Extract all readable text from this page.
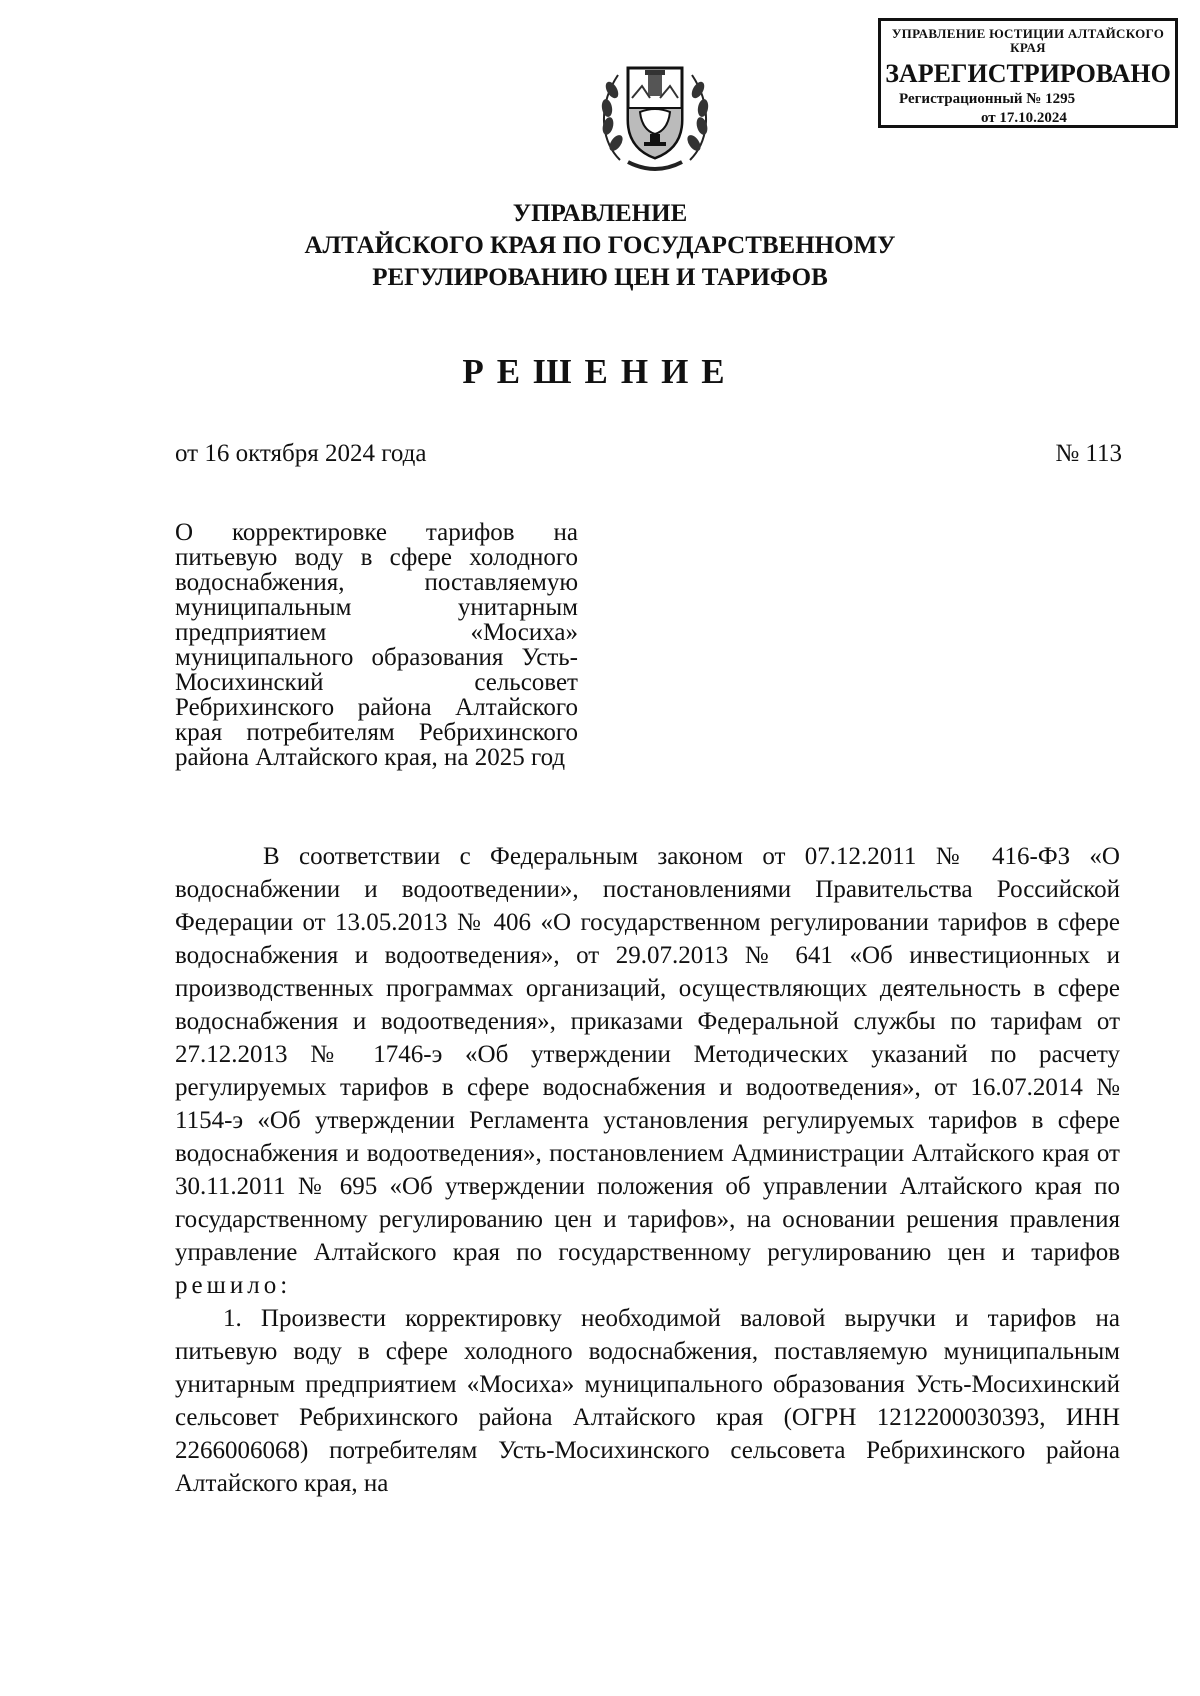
УПРАВЛЕНИЕ ЮСТИЦИИ АЛТАЙСКОГО КРАЯ
ЗАРЕГИСТРИРОВАНО
Регистрационный № 1295
от 17.10.2024
УПРАВЛЕНИЕ
АЛТАЙСКОГО КРАЯ ПО ГОСУДАРСТВЕННОМУ
РЕГУЛИРОВАНИЮ ЦЕН И ТАРИФОВ
РЕШЕНИЕ
от 16 октября 2024 года	№ 113
О корректировке тарифов на питьевую воду в сфере холодного водоснабжения, поставляемую муниципальным унитарным предприятием «Мосиха» муниципального образования Усть-Мосихинский сельсовет Ребрихинского района Алтайского края потребителям Ребрихинского района Алтайского края, на 2025 год

В соответствии с Федеральным законом от 07.12.2011 № 416-ФЗ «О водоснабжении и водоотведении», постановлениями Правительства Российской Федерации от 13.05.2013 № 406 «О государственном регулировании тарифов в сфере водоснабжения и водоотведения», от 29.07.2013 № 641 «Об инвестиционных и производственных программах организаций, осуществляющих деятельность в сфере водоснабжения и водоотведения», приказами Федеральной службы по тарифам от 27.12.2013 № 1746-э «Об утверждении Методических указаний по расчету регулируемых тарифов в сфере водоснабжения и водоотведения», от 16.07.2014 № 1154-э «Об утверждении Регламента установления регулируемых тарифов в сфере водоснабжения и водоотведения», постановлением Администрации Алтайского края от 30.11.2011 № 695 «Об утверждении положения об управлении Алтайского края по государственному регулированию цен и тарифов», на основании решения правления управление Алтайского края по государственному регулированию цен и тарифов решило:

1. Произвести корректировку необходимой валовой выручки и тарифов на питьевую воду в сфере холодного водоснабжения, поставляемую муниципальным унитарным предприятием «Мосиха» муниципального образования Усть-Мосихинский сельсовет Ребрихинского района Алтайского края (ОГРН 1212200030393, ИНН 2266006068) потребителям Усть-Мосихинского сельсовета Ребрихинского района Алтайского края, на
